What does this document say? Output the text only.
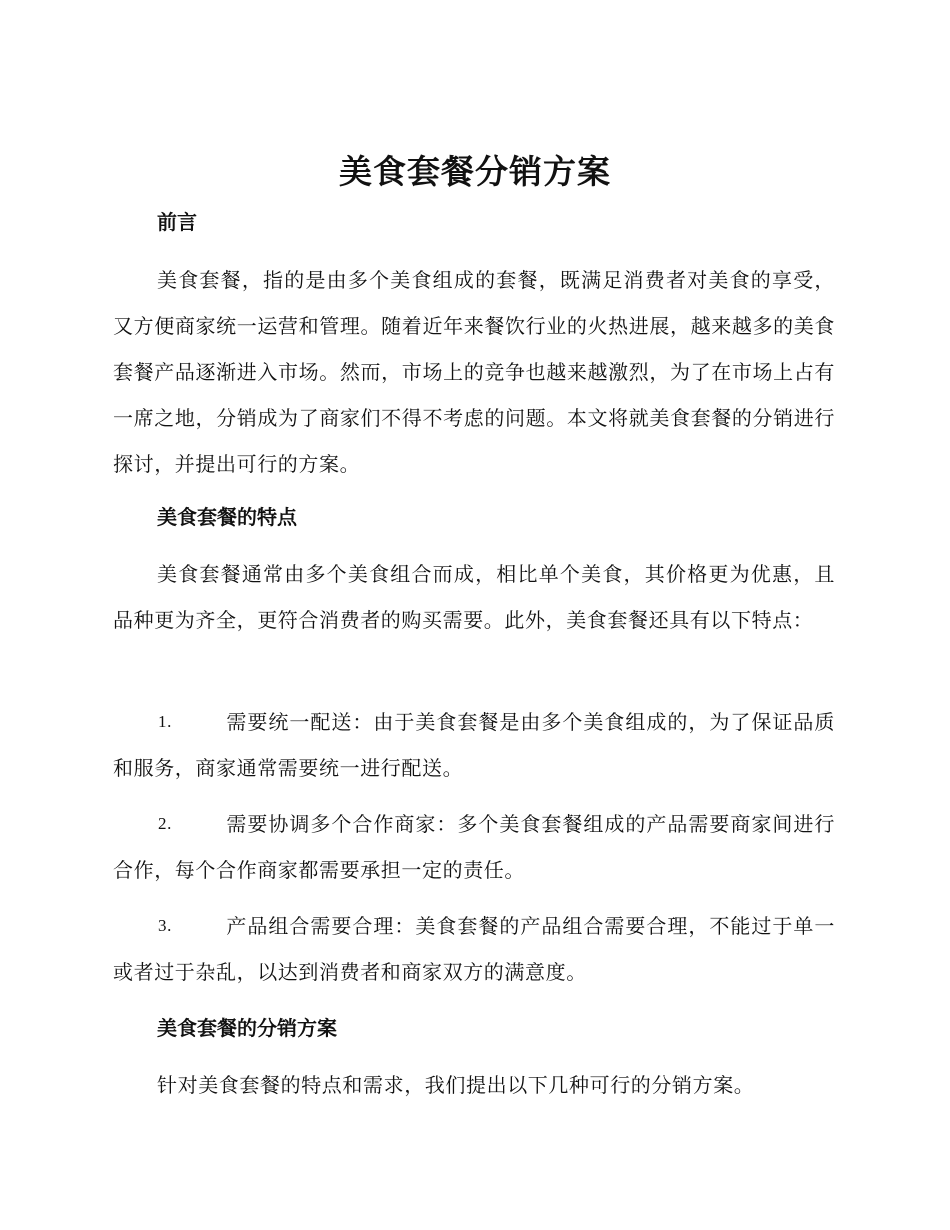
美食套餐分销方案
前言
美食套餐，指的是由多个美食组成的套餐，既满足消费者对美食的享受，又方便商家统一运营和管理。随着近年来餐饮行业的火热进展，越来越多的美食套餐产品逐渐进入市场。然而，市场上的竞争也越来越激烈，为了在市场上占有一席之地，分销成为了商家们不得不考虑的问题。本文将就美食套餐的分销进行探讨，并提出可行的方案。
美食套餐的特点
美食套餐通常由多个美食组合而成，相比单个美食，其价格更为优惠，且品种更为齐全，更符合消费者的购买需要。此外，美食套餐还具有以下特点：
1.	需要统一配送：由于美食套餐是由多个美食组成的，为了保证品质和服务，商家通常需要统一进行配送。
2.	需要协调多个合作商家：多个美食套餐组成的产品需要商家间进行合作，每个合作商家都需要承担一定的责任。
3.	产品组合需要合理：美食套餐的产品组合需要合理，不能过于单一或者过于杂乱，以达到消费者和商家双方的满意度。
美食套餐的分销方案
针对美食套餐的特点和需求，我们提出以下几种可行的分销方案。
